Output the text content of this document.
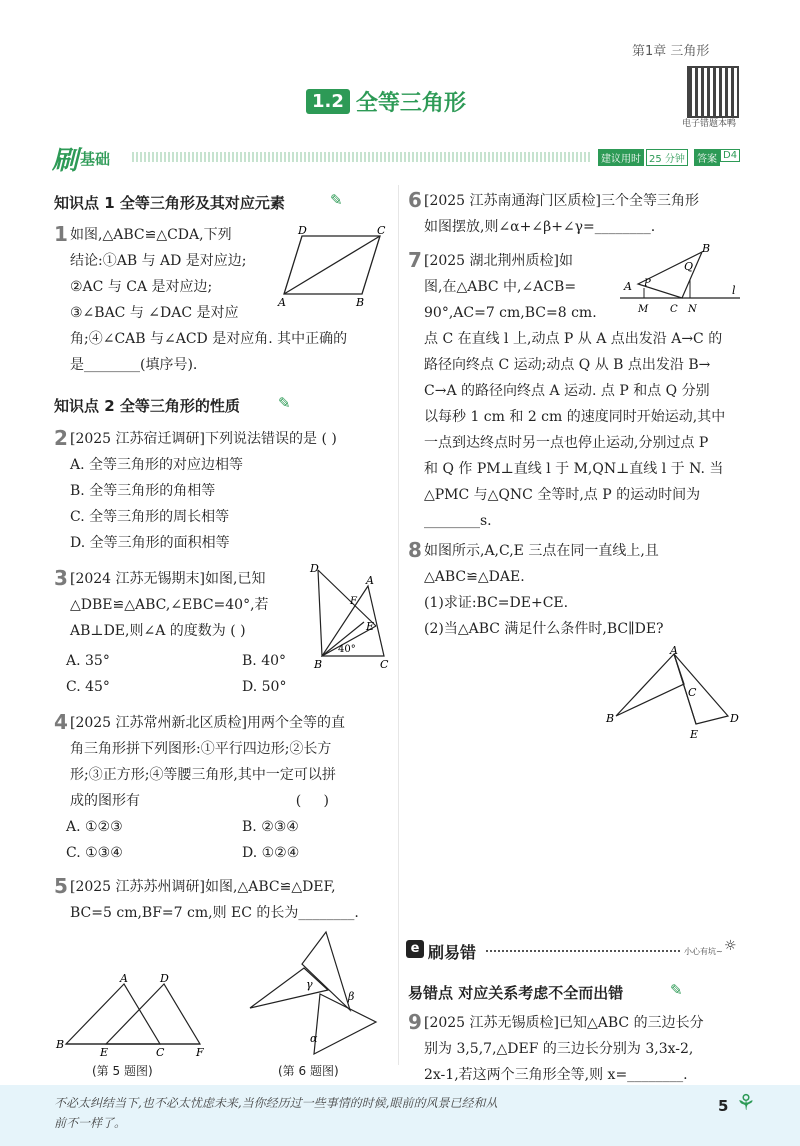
第1章 三角形
1.2 全等三角形
电子错题本鸭
刷 基础	建议用时 25 分钟	答案 D4
知识点 1 全等三角形及其对应元素	✎
1 如图,△ABC≌△CDA,下列
结论:①AB 与 AD 是对应边;
②AC 与 CA 是对应边;
③∠BAC 与 ∠DAC 是对应
角;④∠CAB 与∠ACD 是对应角. 其中正确的
是________(填序号).
D	C
A	B
知识点 2 全等三角形的性质	✎
2 [2025 江苏宿迁调研]下列说法错误的是 ( )
A. 全等三角形的对应边相等
B. 全等三角形的角相等
C. 全等三角形的周长相等
D. 全等三角形的面积相等
3 [2024 江苏无锡期末]如图,已知
△DBE≌△ABC,∠EBC=40°,若
AB⊥DE,则∠A 的度数为 ( )
A. 35°	B. 40°
C. 45°	D. 50°
D
A
F
E
B	C
40°
4 [2025 江苏常州新北区质检]用两个全等的直
角三角形拼下列图形:①平行四边形;②长方
形;③正方形;④等腰三角形,其中一定可以拼
成的图形有                                   (     )
A. ①②③	B. ②③④
C. ①③④	D. ①②④
5 [2025 江苏苏州调研]如图,△ABC≌△DEF,
BC=5 cm,BF=7 cm,则 EC 的长为________.
A	D
B
E	C	F
(第 5 题图)
γ
β
α
(第 6 题图)
6 [2025 江苏南通海门区质检]三个全等三角形
如图摆放,则∠α+∠β+∠γ=________.
7 [2025 湖北荆州质检]如
图,在△ABC 中,∠ACB=
90°,AC=7 cm,BC=8 cm.
点 C 在直线 l 上,动点 P 从 A 点出发沿 A→C 的
路径向终点 C 运动;动点 Q 从 B 点出发沿 B→
C→A 的路径向终点 A 运动. 点 P 和点 Q 分别
以每秒 1 cm 和 2 cm 的速度同时开始运动,其中
一点到达终点时另一点也停止运动,分别过点 P
和 Q 作 PM⊥直线 l 于 M,QN⊥直线 l 于 N. 当
△PMC 与△QNC 全等时,点 P 的运动时间为
________s.
B
Q
A P
M C N
l
8 如图所示,A,C,E 三点在同一直线上,且
△ABC≌△DAE.
(1)求证:BC=DE+CE.
(2)当△ABC 满足什么条件时,BC∥DE?
A
B
C
D
E
e 刷易错	小心有坑~ ☼
易错点 对应关系考虑不全而出错	✎
9 [2025 江苏无锡质检]已知△ABC 的三边长分
别为 3,5,7,△DEF 的三边长分别为 3,3x-2,
2x-1,若这两个三角形全等,则 x=________.
不必太纠结当下,也不必太忧虑未来,当你经历过一些事情的时候,眼前的风景已经和从
前不一样了。
5 ⚘
